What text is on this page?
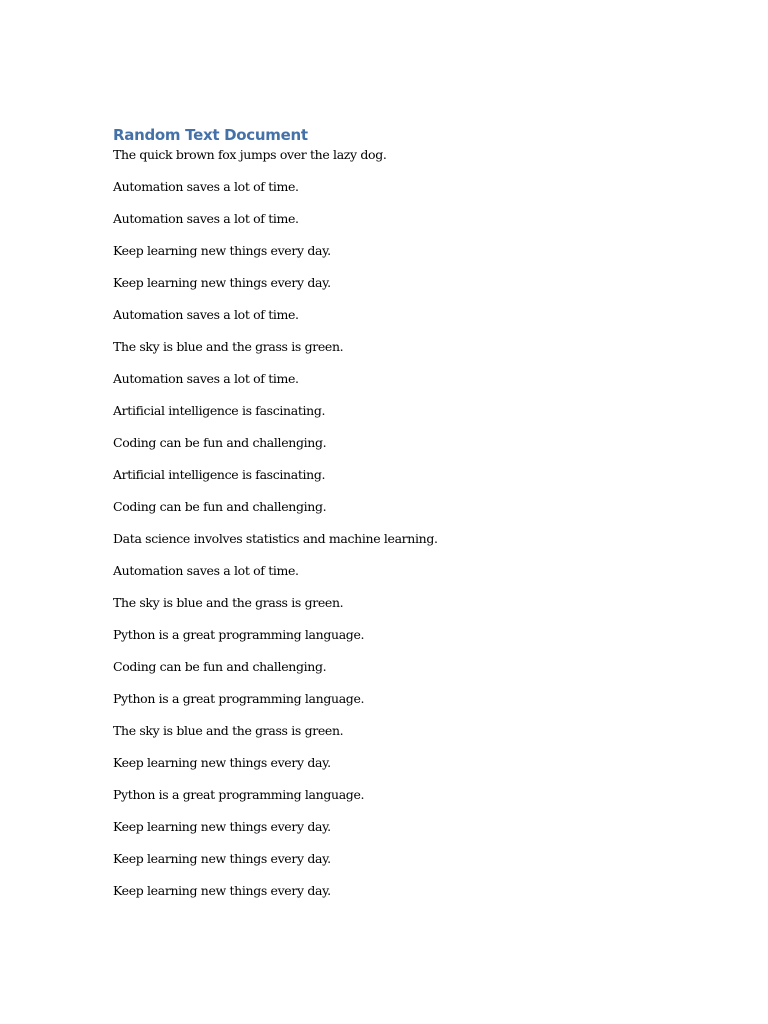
Random Text Document

The quick brown fox jumps over the lazy dog.

Automation saves a lot of time.

Automation saves a lot of time.

Keep learning new things every day.

Keep learning new things every day.

Automation saves a lot of time.

The sky is blue and the grass is green.

Automation saves a lot of time.

Artificial intelligence is fascinating.

Coding can be fun and challenging.

Artificial intelligence is fascinating.

Coding can be fun and challenging.

Data science involves statistics and machine learning.

Automation saves a lot of time.

The sky is blue and the grass is green.

Python is a great programming language.

Coding can be fun and challenging.

Python is a great programming language.

The sky is blue and the grass is green.

Keep learning new things every day.

Python is a great programming language.

Keep learning new things every day.

Keep learning new things every day.

Keep learning new things every day.
